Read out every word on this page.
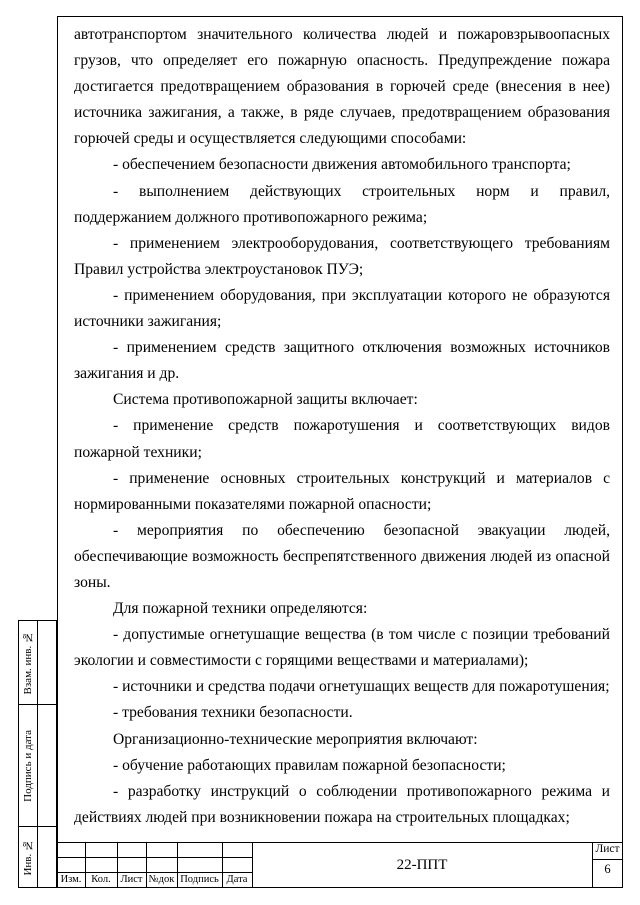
автотранспортом значительного количества людей и пожаровзрывоопасных грузов, что определяет его пожарную опасность. Предупреждение пожара достигается предотвращением образования в горючей среде (внесения в нее) источника зажигания, а также, в ряде случаев, предотвращением образования горючей среды и осуществляется следующими способами:

- обеспечением безопасности движения автомобильного транспорта;

- выполнением действующих строительных норм и правил, поддержанием должного противопожарного режима;

- применением электрооборудования, соответствующего требованиям Правил устройства электроустановок ПУЭ;

- применением оборудования, при эксплуатации которого не образуются источники зажигания;

- применением средств защитного отключения возможных источников зажигания и др.

Система противопожарной защиты включает:

- применение средств пожаротушения и соответствующих видов пожарной техники;

- применение основных строительных конструкций и материалов с нормированными показателями пожарной опасности;

- мероприятия по обеспечению безопасной эвакуации людей, обеспечивающие возможность беспрепятственного движения людей из опасной зоны.

Для пожарной техники определяются:

- допустимые огнетушащие вещества (в том числе с позиции требований экологии и совместимости с горящими веществами и материалами);

- источники и средства подачи огнетушащих веществ для пожаротушения;

- требования техники безопасности.

Организационно-технические мероприятия включают:

- обучение работающих правилам пожарной безопасности;

- разработку инструкций о соблюдении противопожарного режима и действиях людей при возникновении пожара на строительных площадках;

Взам. инв. №
Подпись и дата
Инв. №
Изм. Кол. Лист №док Подпись Дата
22-ППТ
Лист
6
